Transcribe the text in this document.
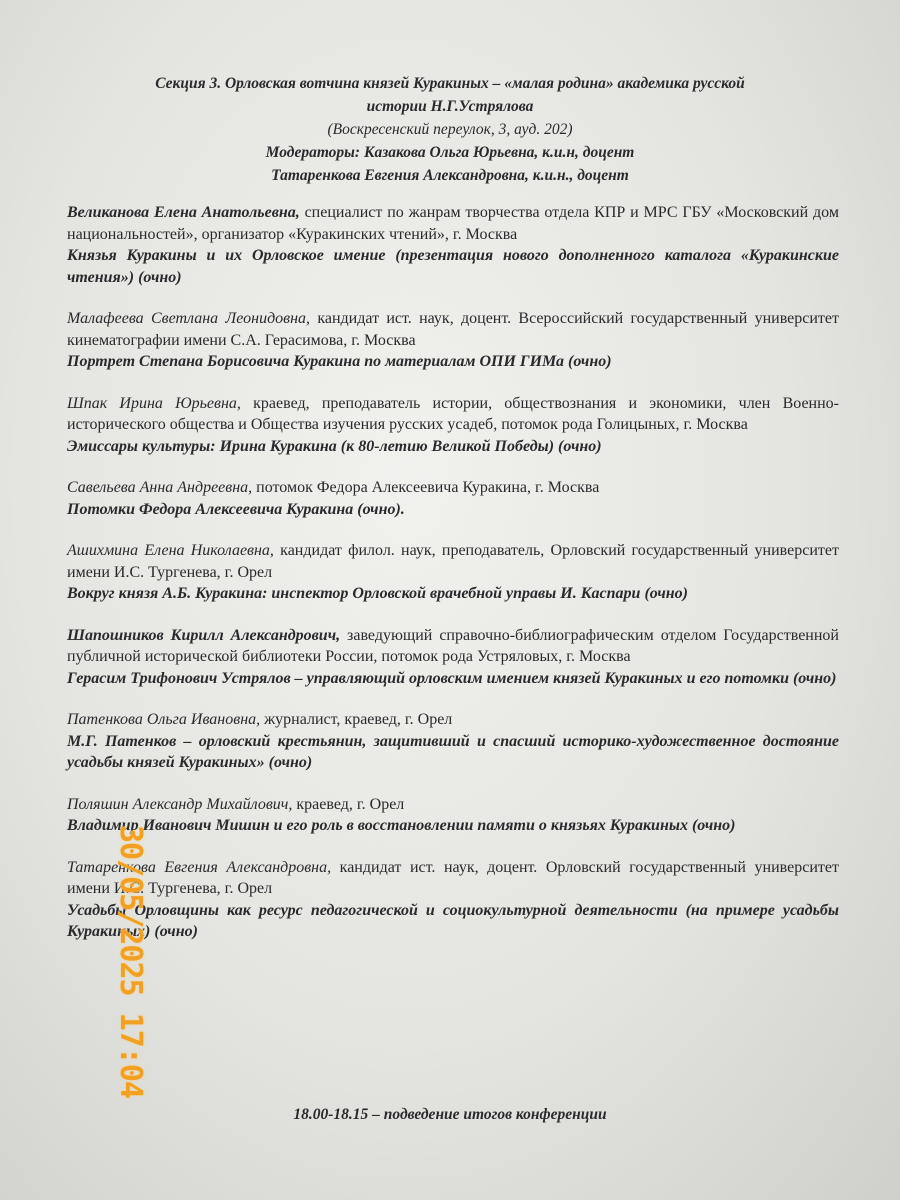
Секция 3. Орловская вотчина князей Куракиных – «малая родина» академика русской
истории Н.Г.Устрялова
(Воскресенский переулок, 3, ауд. 202)
Модераторы: Казакова Ольга Юрьевна, к.и.н, доцент
Татаренкова Евгения Александровна, к.и.н., доцент
Великанова Елена Анатольевна, специалист по жанрам творчества отдела КПР и МРС ГБУ «Московский дом национальностей», организатор «Куракинских чтений», г. Москва
Князья Куракины и их Орловское имение (презентация нового дополненного каталога «Куракинские чтения») (очно)
Малафеева Светлана Леонидовна, кандидат ист. наук, доцент. Всероссийский государственный университет кинематографии имени С.А. Герасимова, г. Москва
Портрет Степана Борисовича Куракина по материалам ОПИ ГИМа (очно)
Шпак Ирина Юрьевна, краевед, преподаватель истории, обществознания и экономики, член Военно-исторического общества и Общества изучения русских усадеб, потомок рода Голицыных, г. Москва
Эмиссары культуры: Ирина Куракина (к 80-летию Великой Победы) (очно)
Савельева Анна Андреевна, потомок Федора Алексеевича Куракина, г. Москва
Потомки Федора Алексеевича Куракина (очно).
Ашихмина Елена Николаевна, кандидат филол. наук, преподаватель, Орловский государственный университет имени И.С. Тургенева, г. Орел
Вокруг князя А.Б. Куракина: инспектор Орловской врачебной управы И. Каспари (очно)
Шапошников Кирилл Александрович, заведующий справочно-библиографическим отделом Государственной публичной исторической библиотеки России, потомок рода Устряловых, г. Москва
Герасим Трифонович Устрялов – управляющий орловским имением князей Куракиных и его потомки (очно)
Патенкова Ольга Ивановна, журналист, краевед, г. Орел
М.Г. Патенков – орловский крестьянин, защитивший и спасший историко-художественное достояние усадьбы князей Куракиных» (очно)
Поляшин Александр Михайлович, краевед, г. Орел
Владимир Иванович Мишин и его роль в восстановлении памяти о князьях Куракиных (очно)
Татаренкова Евгения Александровна, кандидат ист. наук, доцент. Орловский государственный университет имени И.С. Тургенева, г. Орел
Усадьбы Орловщины как ресурс педагогической и социокультурной деятельности (на примере усадьбы Куракиных) (очно)
18.00-18.15 – подведение итогов конференции
30/05/2025 17:04
